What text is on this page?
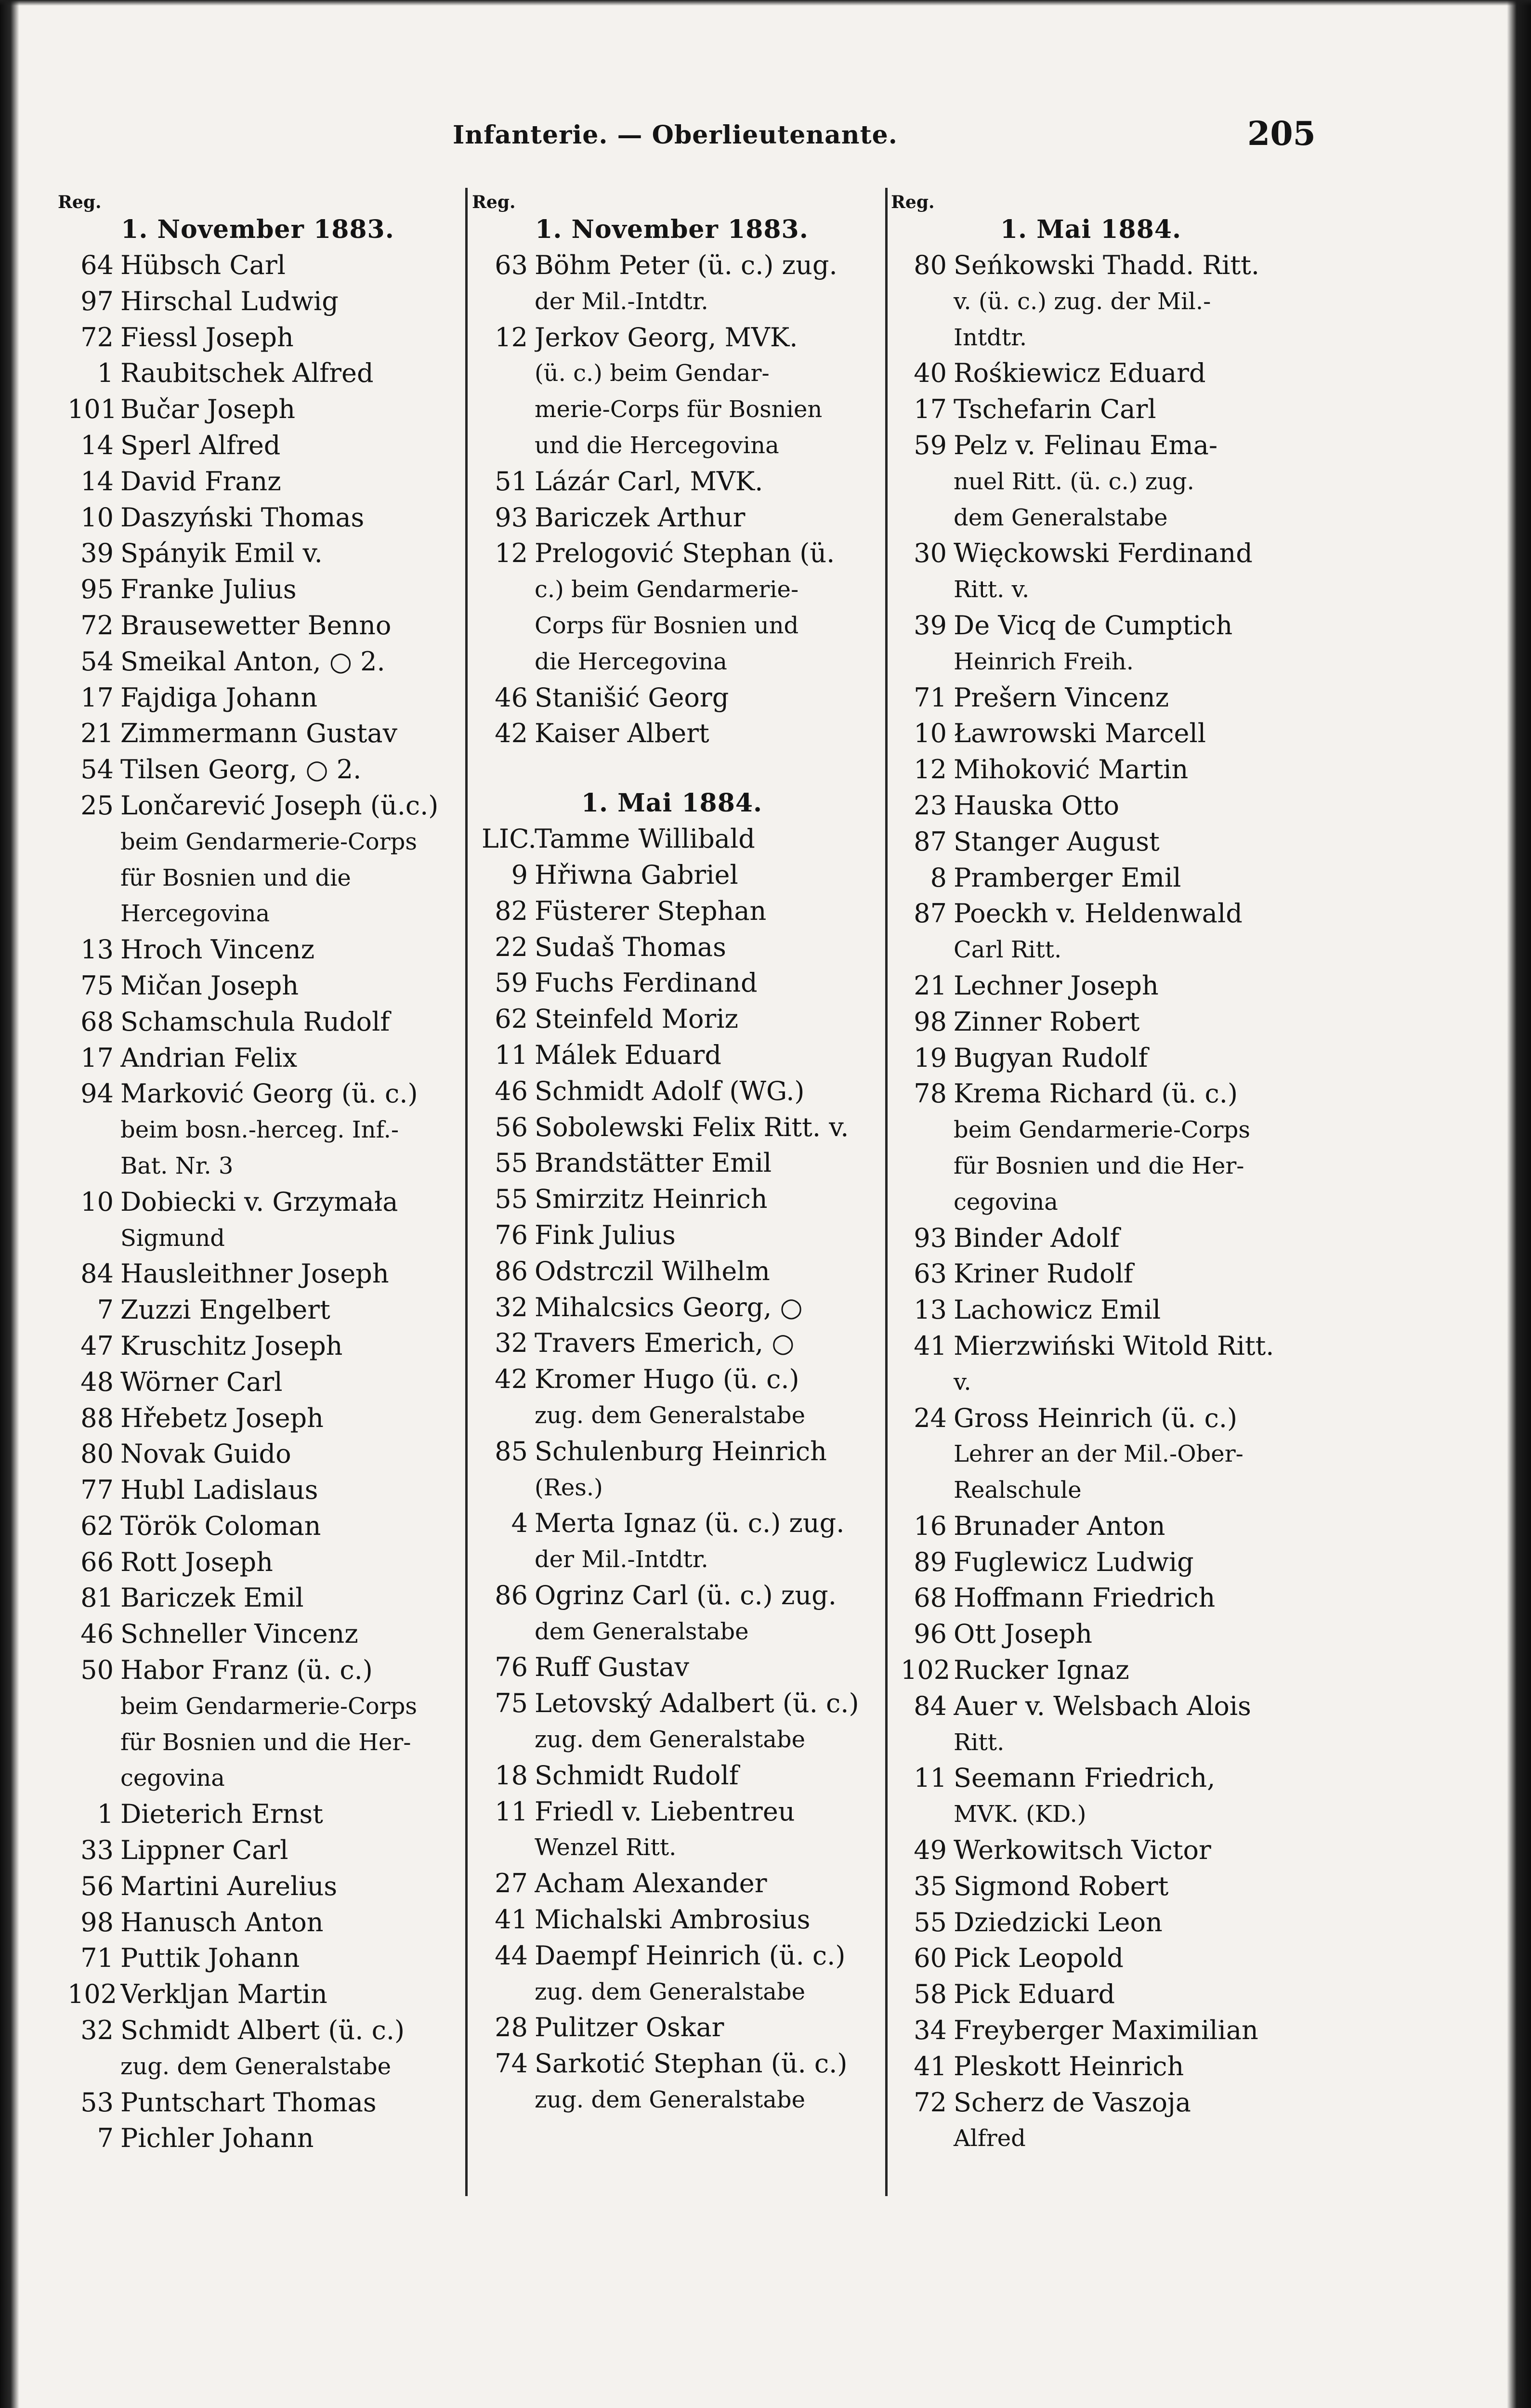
Infanterie. — Oberlieutenante.	205
Reg.
1. November 1883.
64 Hübsch Carl
97 Hirschal Ludwig
72 Fiessl Joseph
1 Raubitschek Alfred
101 Bučar Joseph
14 Sperl Alfred
14 David Franz
10 Daszyński Thomas
39 Spányik Emil v.
95 Franke Julius
72 Brausewetter Benno
54 Smeikal Anton, ○ 2.
17 Fajdiga Johann
21 Zimmermann Gustav
54 Tilsen Georg, ○ 2.
25 Lončarević Joseph (ü.c.)
beim Gendarmerie-Corps
für Bosnien und die
Hercegovina
13 Hroch Vincenz
75 Mičan Joseph
68 Schamschula Rudolf
17 Andrian Felix
94 Marković Georg (ü. c.)
beim bosn.-herceg. Inf.-
Bat. Nr. 3
10 Dobiecki v. Grzymała
Sigmund
84 Hausleithner Joseph
7 Zuzzi Engelbert
47 Kruschitz Joseph
48 Wörner Carl
88 Hřebetz Joseph
80 Novak Guido
77 Hubl Ladislaus
62 Török Coloman
66 Rott Joseph
81 Bariczek Emil
46 Schneller Vincenz
50 Habor Franz (ü. c.)
beim Gendarmerie-Corps
für Bosnien und die Her-
cegovina
1 Dieterich Ernst
33 Lippner Carl
56 Martini Aurelius
98 Hanusch Anton
71 Puttik Johann
102 Verkljan Martin
32 Schmidt Albert (ü. c.)
zug. dem Generalstabe
53 Puntschart Thomas
7 Pichler Johann
Reg.
1. November 1883.
63 Böhm Peter (ü. c.) zug.
der Mil.-Intdtr.
12 Jerkov Georg, MVK.
(ü. c.) beim Gendar-
merie-Corps für Bosnien
und die Hercegovina
51 Lázár Carl, MVK.
93 Bariczek Arthur
12 Prelogović Stephan (ü.
c.) beim Gendarmerie-
Corps für Bosnien und
die Hercegovina
46 Stanišić Georg
42 Kaiser Albert
1. Mai 1884.
LIC.
Tamme Willibald
9 Hřiwna Gabriel
82 Füsterer Stephan
22 Sudaš Thomas
59 Fuchs Ferdinand
62 Steinfeld Moriz
11 Málek Eduard
46 Schmidt Adolf (WG.)
56 Sobolewski Felix Ritt. v.
55 Brandstätter Emil
55 Smirzitz Heinrich
76 Fink Julius
86 Odstrczil Wilhelm
32 Mihalcsics Georg, ○
32 Travers Emerich, ○
42 Kromer Hugo (ü. c.)
zug. dem Generalstabe
85 Schulenburg Heinrich
(Res.)
4 Merta Ignaz (ü. c.) zug.
der Mil.-Intdtr.
86 Ogrinz Carl (ü. c.) zug.
dem Generalstabe
76 Ruff Gustav
75 Letovský Adalbert (ü. c.)
zug. dem Generalstabe
18 Schmidt Rudolf
11 Friedl v. Liebentreu
Wenzel Ritt.
27 Acham Alexander
41 Michalski Ambrosius
44 Daempf Heinrich (ü. c.)
zug. dem Generalstabe
28 Pulitzer Oskar
74 Sarkotić Stephan (ü. c.)
zug. dem Generalstabe
Reg.
1. Mai 1884.
80 Seńkowski Thadd. Ritt.
v. (ü. c.) zug. der Mil.-
Intdtr.
40 Rośkiewicz Eduard
17 Tschefarin Carl
59 Pelz v. Felinau Ema-
nuel Ritt. (ü. c.) zug.
dem Generalstabe
30 Więckowski Ferdinand
Ritt. v.
39 De Vicq de Cumptich
Heinrich Freih.
71 Prešern Vincenz
10 Ławrowski Marcell
12 Mihoković Martin
23 Hauska Otto
87 Stanger August
8 Pramberger Emil
87 Poeckh v. Heldenwald
Carl Ritt.
21 Lechner Joseph
98 Zinner Robert
19 Bugyan Rudolf
78 Krema Richard (ü. c.)
beim Gendarmerie-Corps
für Bosnien und die Her-
cegovina
93 Binder Adolf
63 Kriner Rudolf
13 Lachowicz Emil
41 Mierzwiński Witold Ritt.
v.
24 Gross Heinrich (ü. c.)
Lehrer an der Mil.-Ober-
Realschule
16 Brunader Anton
89 Fuglewicz Ludwig
68 Hoffmann Friedrich
96 Ott Joseph
102 Rucker Ignaz
84 Auer v. Welsbach Alois
Ritt.
11 Seemann Friedrich,
MVK. (KD.)
49 Werkowitsch Victor
35 Sigmond Robert
55 Dziedzicki Leon
60 Pick Leopold
58 Pick Eduard
34 Freyberger Maximilian
41 Pleskott Heinrich
72 Scherz de Vaszoja
Alfred
